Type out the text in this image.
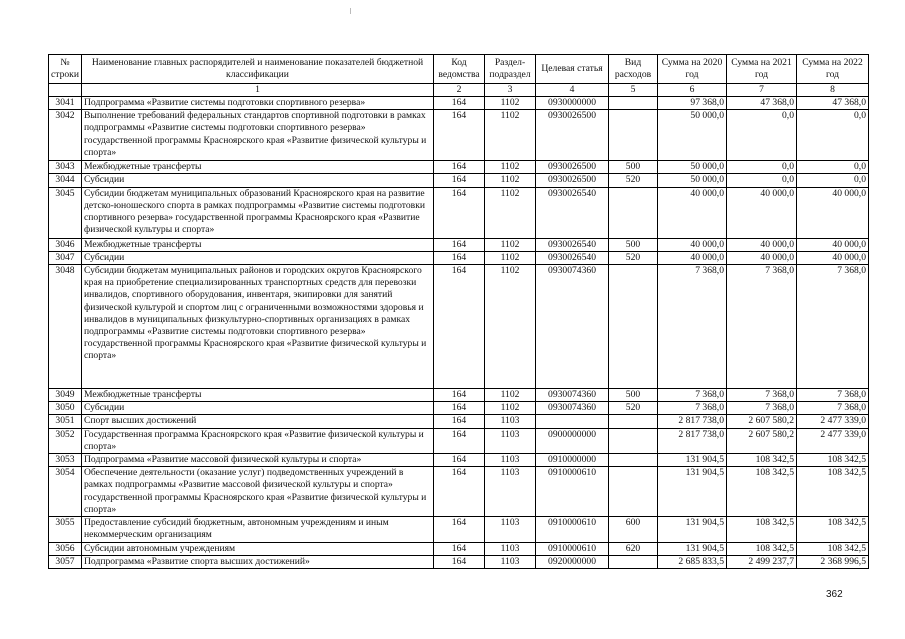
№ строки	Наименование главных распорядителей и наименование показателей бюджетной классификации	Код ведомства	Раздел-подраздел	Целевая статья	Вид расходов	Сумма на 2020 год	Сумма на 2021 год	Сумма на 2022 год
	1	2	3	4	5	6	7	8
3041	Подпрограмма «Развитие системы подготовки спортивного резерва»	164	1102	0930000000		97 368,0	47 368,0	47 368,0
3042	Выполнение требований федеральных стандартов спортивной подготовки в рамках подпрограммы «Развитие системы подготовки спортивного резерва» государственной программы Красноярского края «Развитие физической культуры и спорта»	164	1102	0930026500		50 000,0	0,0	0,0
3043	Межбюджетные трансферты	164	1102	0930026500	500	50 000,0	0,0	0,0
3044	Субсидии	164	1102	0930026500	520	50 000,0	0,0	0,0
3045	Субсидии бюджетам муниципальных образований Красноярского края на развитие детско-юношеского спорта в рамках подпрограммы «Развитие системы подготовки спортивного резерва» государственной программы Красноярского края «Развитие физической культуры и спорта»	164	1102	0930026540		40 000,0	40 000,0	40 000,0
3046	Межбюджетные трансферты	164	1102	0930026540	500	40 000,0	40 000,0	40 000,0
3047	Субсидии	164	1102	0930026540	520	40 000,0	40 000,0	40 000,0
3048	Субсидии бюджетам муниципальных районов и городских округов Красноярского края на приобретение специализированных транспортных средств для перевозки инвалидов, спортивного оборудования, инвентаря, экипировки для занятий физической культурой и спортом лиц с ограниченными возможностями здоровья и инвалидов в муниципальных физкультурно-спортивных организациях в рамках подпрограммы «Развитие системы подготовки спортивного резерва» государственной программы Красноярского края «Развитие физической культуры и спорта»	164	1102	0930074360		7 368,0	7 368,0	7 368,0
3049	Межбюджетные трансферты	164	1102	0930074360	500	7 368,0	7 368,0	7 368,0
3050	Субсидии	164	1102	0930074360	520	7 368,0	7 368,0	7 368,0
3051	Спорт высших достижений	164	1103			2 817 738,0	2 607 580,2	2 477 339,0
3052	Государственная программа Красноярского края «Развитие физической культуры и спорта»	164	1103	0900000000		2 817 738,0	2 607 580,2	2 477 339,0
3053	Подпрограмма «Развитие массовой физической культуры и спорта»	164	1103	0910000000		131 904,5	108 342,5	108 342,5
3054	Обеспечение деятельности (оказание услуг) подведомственных учреждений в рамках подпрограммы «Развитие массовой физической культуры и спорта» государственной программы Красноярского края «Развитие физической культуры и спорта»	164	1103	0910000610		131 904,5	108 342,5	108 342,5
3055	Предоставление субсидий бюджетным, автономным учреждениям и иным некоммерческим организациям	164	1103	0910000610	600	131 904,5	108 342,5	108 342,5
3056	Субсидии автономным учреждениям	164	1103	0910000610	620	131 904,5	108 342,5	108 342,5
3057	Подпрограмма «Развитие спорта высших достижений»	164	1103	0920000000		2 685 833,5	2 499 237,7	2 368 996,5
362
